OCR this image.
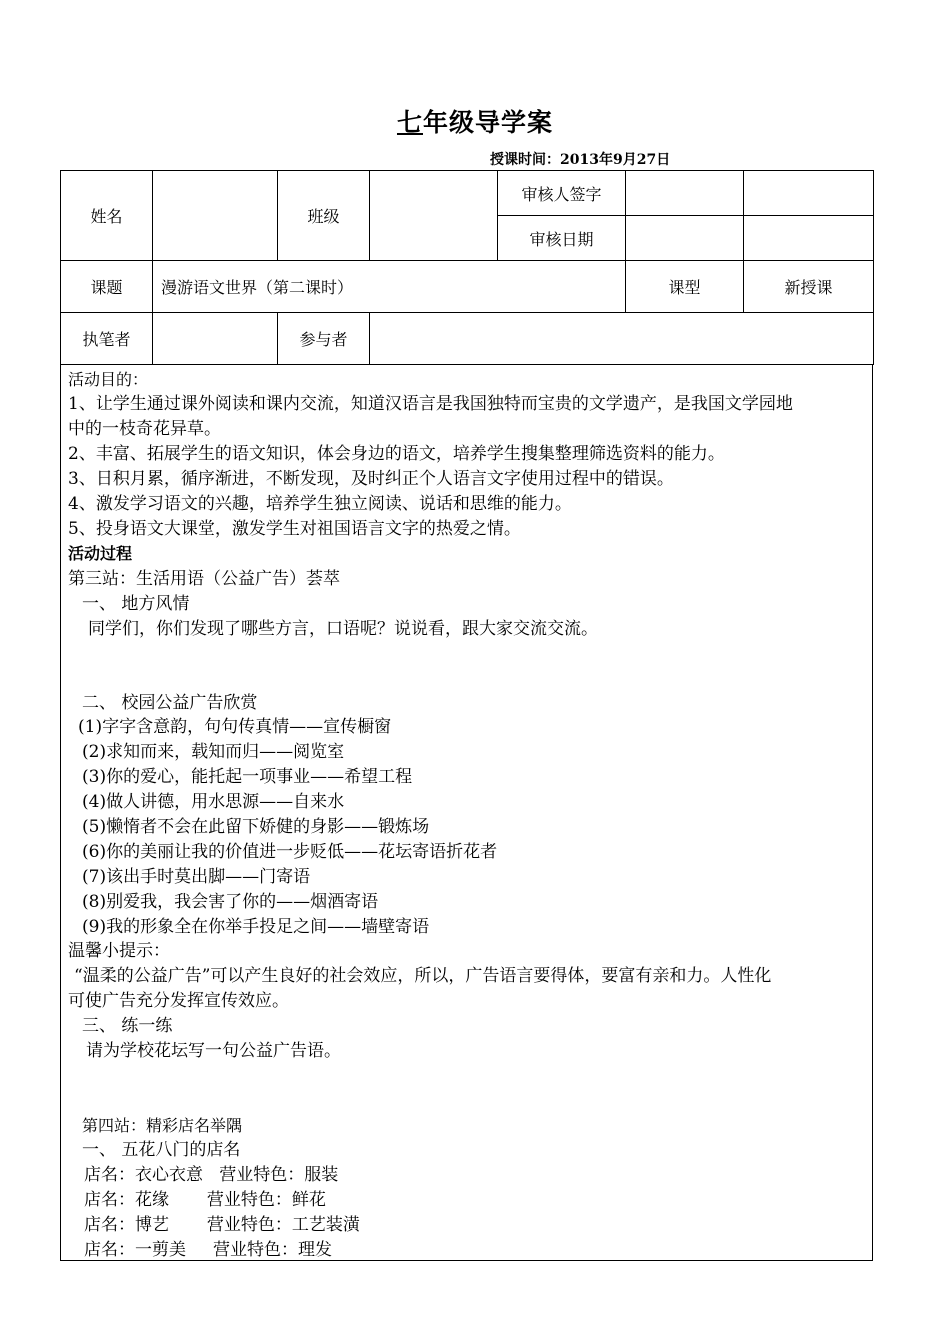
七年级导学案
授课时间：2013年9月27日
姓名		班级		审核人签字		
				审核日期		
课题	漫游语文世界（第二课时）				课型	新授课
执笔者		参与者				
活动目的：
1、让学生通过课外阅读和课内交流，知道汉语言是我国独特而宝贵的文学遗产，是我国文学园地
中的一枝奇花异草。
2、丰富、拓展学生的语文知识，体会身边的语文，培养学生搜集整理筛选资料的能力。
3、日积月累，循序渐进，不断发现，及时纠正个人语言文字使用过程中的错误。
4、激发学习语文的兴趣，培养学生独立阅读、说话和思维的能力。
5、投身语文大课堂，激发学生对祖国语言文字的热爱之情。
活动过程
第三站：生活用语（公益广告）荟萃
一、 地方风情
同学们，你们发现了哪些方言，口语呢？说说看，跟大家交流交流。
二、 校园公益广告欣赏
(1)字字含意韵，句句传真情——宣传橱窗
(2)求知而来，载知而归——阅览室
(3)你的爱心，能托起一项事业——希望工程
(4)做人讲德，用水思源——自来水
(5)懒惰者不会在此留下娇健的身影——锻炼场
(6)你的美丽让我的价值进一步贬低——花坛寄语折花者
(7)该出手时莫出脚——门寄语
(8)别爱我，我会害了你的——烟酒寄语
(9)我的形象全在你举手投足之间——墙壁寄语
温馨小提示：
“温柔的公益广告”可以产生良好的社会效应，所以，广告语言要得体，要富有亲和力。人性化
可使广告充分发挥宣传效应。
三、 练一练
请为学校花坛写一句公益广告语。
第四站：精彩店名举隅
一、 五花八门的店名
店名：衣心衣意   营业特色：服装
店名：花缘       营业特色：鲜花
店名：博艺       营业特色：工艺装潢
店名：一剪美     营业特色：理发
